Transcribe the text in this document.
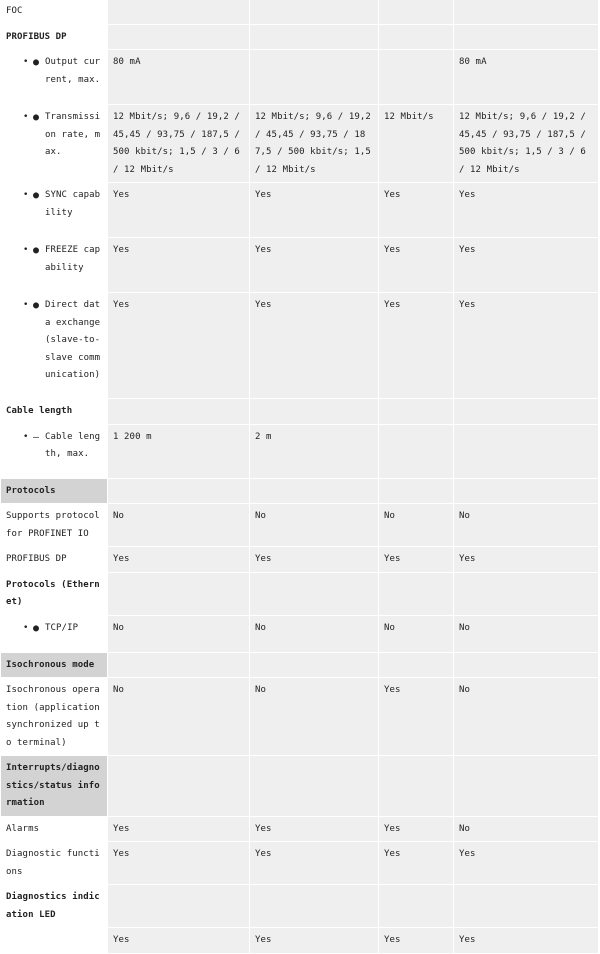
FOC				
PROFIBUS DP				

• ● Output current, max.	80 mA			80 mA

• ● Transmission rate, max.	12 Mbit/s; 9,6 / 19,2 / 45,45 / 93,75 / 187,5 / 500 kbit/s; 1,5 / 3 / 6 / 12 Mbit/s	12 Mbit/s; 9,6 / 19,2 / 45,45 / 93,75 / 187,5 / 500 kbit/s; 1,5 / 12 Mbit/s	12 Mbit/s	12 Mbit/s; 9,6 / 19,2 / 45,45 / 93,75 / 187,5 / 500 kbit/s; 1,5 / 3 / 6 / 12 Mbit/s

• ● SYNC capability	Yes	Yes	Yes	Yes

• ● FREEZE capability	Yes	Yes	Yes	Yes

• ● Direct data exchange (slave-to-slave communication)	Yes	Yes	Yes	Yes
Cable length				

• — Cable length, max.	1 200 m	2 m		
Protocols				
Supports protocol for PROFINET IO	No	No	No	No
PROFIBUS DP	Yes	Yes	Yes	Yes
Protocols (Ethernet)				

• ● TCP/IP	No	No	No	No
Isochronous mode				
Isochronous operation (application synchronized up to terminal)	No	No	Yes	No
Interrupts/diagnostics/status information				
Alarms	Yes	Yes	Yes	No
Diagnostic functions	Yes	Yes	Yes	Yes
Diagnostics indication LED				
	Yes	Yes	Yes	Yes
